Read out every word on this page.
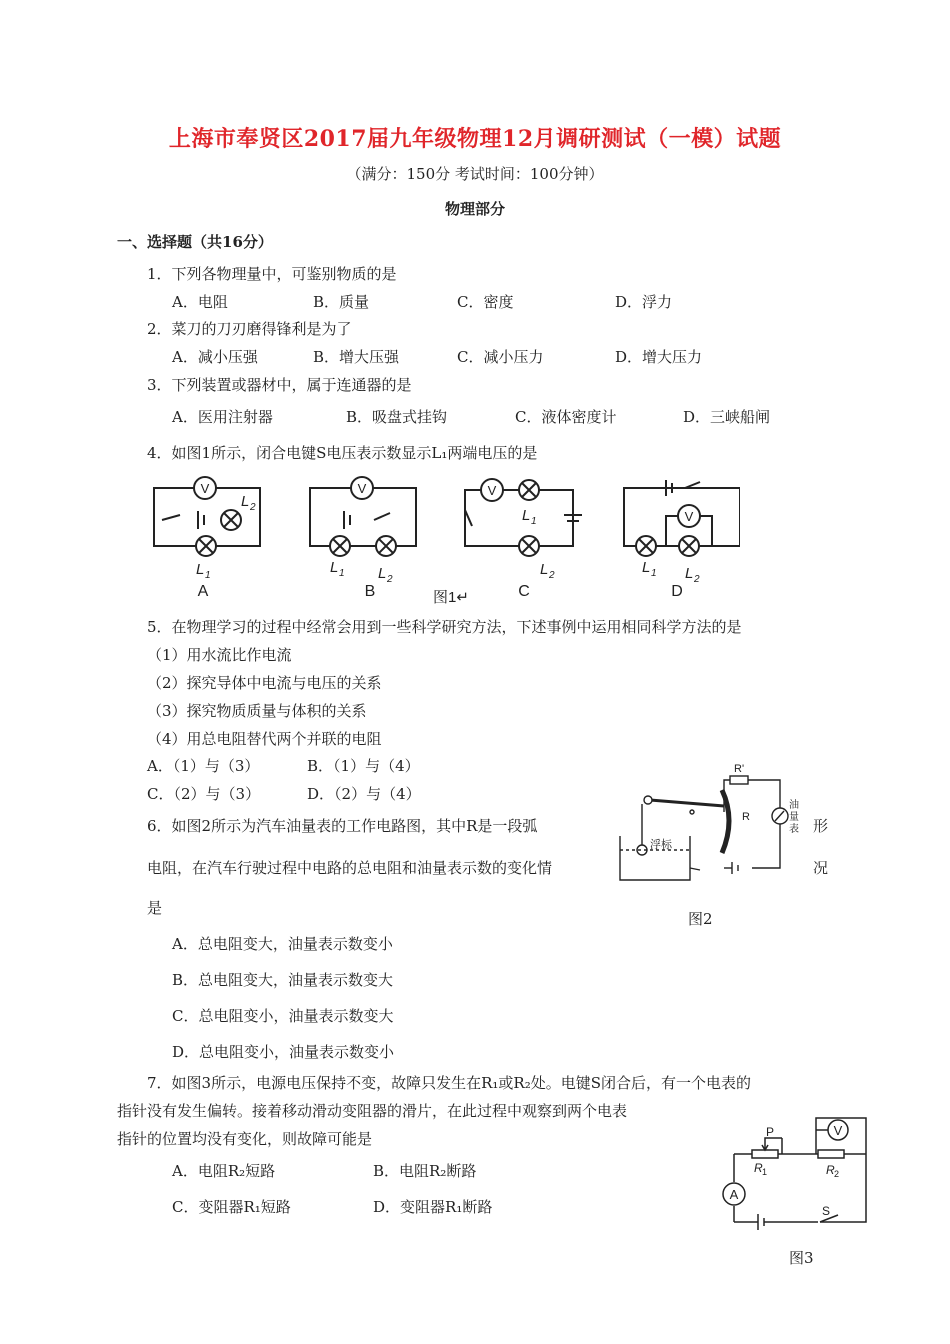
上海市奉贤区2017届九年级物理12月调研测试（一模）试题
（满分：150分 考试时间：100分钟）
物理部分
一、选择题（共16分）
1．下列各物理量中，可鉴别物质的是
A．电阻	B．质量	C．密度	D．浮力
2．菜刀的刀刃磨得锋利是为了
A．减小压强	B．增大压强	C．减小压力	D．增大压力
3．下列装置或器材中，属于连通器的是
A．医用注射器	B．吸盘式挂钩	C．液体密度计	D．三峡船闸
4．如图1所示，闭合电键S电压表示数显示L₁两端电压的是
V	V	V
V
L 2
L 1	L 1 L 2
L 1
L 2	L 1 L 2
A	B	C	D
图1↵
5．在物理学习的过程中经常会用到一些科学研究方法，下述事例中运用相同科学方法的是
（1）用水流比作电流
（2）探究导体中电流与电压的关系
（3）探究物质质量与体积的关系
（4）用总电阻替代两个并联的电阻
A．（1）与（3）	B．（1）与（4）
C．（2）与（3）	D．（2）与（4）
R'
R
浮标
油
量
表
6．如图2所示为汽车油量表的工作电路图，其中R是一段弧	形
电阻，在汽车行驶过程中电路的总电阻和油量表示数的变化情	况
是
图2
A．总电阻变大，油量表示数变小
B．总电阻变大，油量表示数变大
C．总电阻变小，油量表示数变大
D．总电阻变小，油量表示数变小
7．如图3所示，电源电压保持不变，故障只发生在R₁或R₂处。电键S闭合后，有一个电表的
指针没有发生偏转。接着移动滑动变阻器的滑片，在此过程中观察到两个电表
指针的位置均没有变化，则故障可能是
A．电阻R₂短路	B．电阻R₂断路
C．变阻器R₁短路	D．变阻器R₁断路
V
A
P
R 1	R 2
S
图3
